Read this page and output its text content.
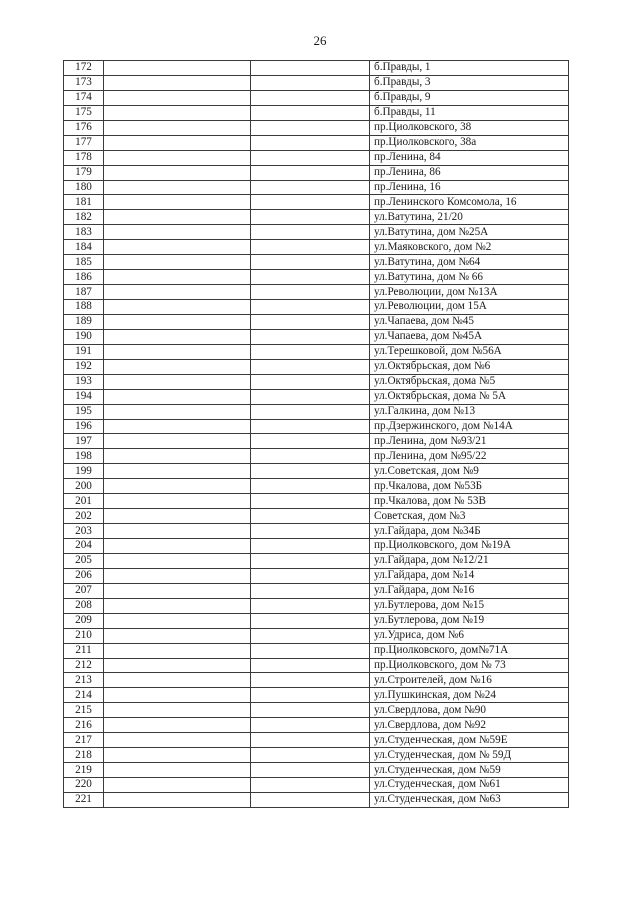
26
172			б.Правды, 1
173			б.Правды, 3
174			б.Правды, 9
175			б.Правды, 11
176			пр.Циолковского, 38
177			пр.Циолковского, 38а
178			пр.Ленина, 84
179			пр.Ленина, 86
180			пр.Ленина, 16
181			пр.Ленинского Комсомола, 16
182			ул.Ватутина, 21/20
183			ул.Ватутина, дом №25А
184			ул.Маяковского, дом №2
185			ул.Ватутина, дом №64
186			ул.Ватутина, дом № 66
187			ул.Революции, дом №13А
188			ул.Революции, дом 15А
189			ул.Чапаева, дом №45
190			ул.Чапаева, дом №45А
191			ул.Терешковой, дом №56А
192			ул.Октябрьская, дом №6
193			ул.Октябрьская, дома №5
194			ул.Октябрьская, дома № 5А
195			ул.Галкина, дом №13
196			пр.Дзержинского, дом №14А
197			пр.Ленина, дом №93/21
198			пр.Ленина, дом №95/22
199			ул.Советская, дом №9
200			пр.Чкалова, дом №53Б
201			пр.Чкалова, дом № 53В
202			Советская, дом №3
203			ул.Гайдара, дом №34Б
204			пр.Циолковского, дом №19А
205			ул.Гайдара, дом №12/21
206			ул.Гайдара, дом №14
207			ул.Гайдара, дом №16
208			ул.Бутлерова, дом №15
209			ул.Бутлерова, дом №19
210			ул.Удриса, дом №6
211			пр.Циолковского, дом№71А
212			пр.Циолковского, дом № 73
213			ул.Строителей, дом №16
214			ул.Пушкинская, дом №24
215			ул.Свердлова, дом №90
216			ул.Свердлова, дом №92
217			ул.Студенческая, дом №59Е
218			ул.Студенческая, дом № 59Д
219			ул.Студенческая, дом №59
220			ул.Студенческая, дом №61
221			ул.Студенческая, дом №63
